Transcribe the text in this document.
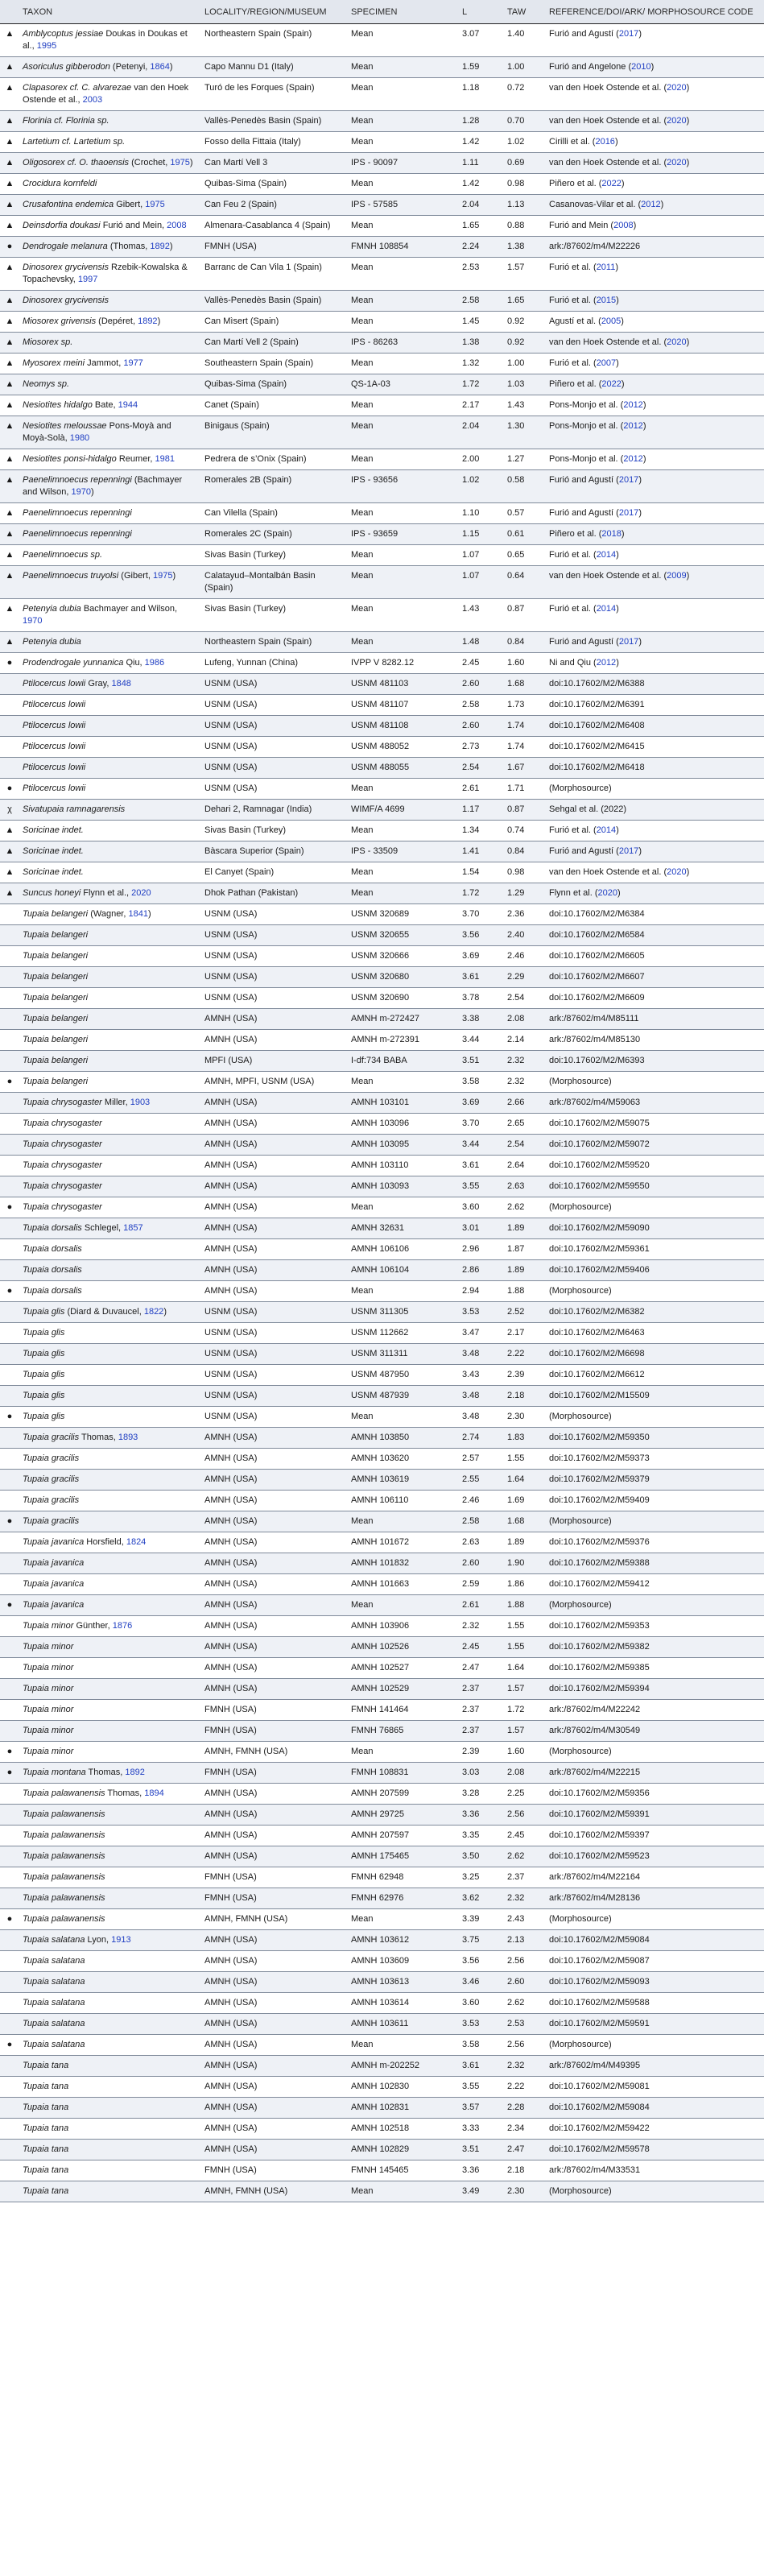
	TAXON	LOCALITY/REGION/MUSEUM	SPECIMEN	L	TAW	REFERENCE/DOI/ARK/ MORPHOSOURCE CODE
▲	Amblycoptus jessiae Doukas in Doukas et al., 1995	Northeastern Spain (Spain)	Mean	3.07	1.40	Furió and Agustí (2017)
▲	Asoriculus gibberodon (Petenyi, 1864)	Capo Mannu D1 (Italy)	Mean	1.59	1.00	Furió and Angelone (2010)
▲	Clapasorex cf. C. alvarezae van den Hoek Ostende et al., 2003	Turó de les Forques (Spain)	Mean	1.18	0.72	van den Hoek Ostende et al. (2020)
▲	Florinia cf. Florinia sp.	Vallès-Penedès Basin (Spain)	Mean	1.28	0.70	van den Hoek Ostende et al. (2020)
▲	Lartetium cf. Lartetium sp.	Fosso della Fittaia (Italy)	Mean	1.42	1.02	Cirilli et al. (2016)
▲	Oligosorex cf. O. thaoensis (Crochet, 1975)	Can Martí Vell 3	IPS - 90097	1.11	0.69	van den Hoek Ostende et al. (2020)
▲	Crocidura kornfeldi	Quibas-Sima (Spain)	Mean	1.42	0.98	Piñero et al. (2022)
▲	Crusafontina endemica Gibert, 1975	Can Feu 2 (Spain)	IPS - 57585	2.04	1.13	Casanovas-Vilar et al. (2012)
▲	Deinsdorfia doukasi Furió and Mein, 2008	Almenara-Casablanca 4 (Spain)	Mean	1.65	0.88	Furió and Mein (2008)
●	Dendrogale melanura (Thomas, 1892)	FMNH (USA)	FMNH 108854	2.24	1.38	ark:/87602/m4/M22226
▲	Dinosorex grycivensis Rzebik-Kowalska & Topachevsky, 1997	Barranc de Can Vila 1 (Spain)	Mean	2.53	1.57	Furió et al. (2011)
▲	Dinosorex grycivensis	Vallès-Penedès Basin (Spain)	Mean	2.58	1.65	Furió et al. (2015)
▲	Miosorex grivensis (Depéret, 1892)	Can Mìsert (Spain)	Mean	1.45	0.92	Agustí et al. (2005)
▲	Miosorex sp.	Can Martí Vell 2 (Spain)	IPS - 86263	1.38	0.92	van den Hoek Ostende et al. (2020)
▲	Myosorex meini Jammot, 1977	Southeastern Spain (Spain)	Mean	1.32	1.00	Furió et al. (2007)
▲	Neomys sp.	Quibas-Sima (Spain)	QS-1A-03	1.72	1.03	Piñero et al. (2022)
▲	Nesiotites hidalgo Bate, 1944	Canet (Spain)	Mean	2.17	1.43	Pons-Monjo et al. (2012)
▲	Nesiotites meloussae Pons-Moyà and Moyà-Solà, 1980	Binigaus (Spain)	Mean	2.04	1.30	Pons-Monjo et al. (2012)
▲	Nesiotites ponsi-hidalgo Reumer, 1981	Pedrera de s’Onix (Spain)	Mean	2.00	1.27	Pons-Monjo et al. (2012)
▲	Paenelimnoecus repenningi (Bachmayer and Wilson, 1970)	Romerales 2B (Spain)	IPS - 93656	1.02	0.58	Furió and Agustí (2017)
▲	Paenelimnoecus repenningi	Can Vilella (Spain)	Mean	1.10	0.57	Furió and Agustí (2017)
▲	Paenelimnoecus repenningi	Romerales 2C (Spain)	IPS - 93659	1.15	0.61	Piñero et al. (2018)
▲	Paenelimnoecus sp.	Sivas Basin (Turkey)	Mean	1.07	0.65	Furió et al. (2014)
▲	Paenelimnoecus truyolsi (Gibert, 1975)	Calatayud–Montalbán Basin (Spain)	Mean	1.07	0.64	van den Hoek Ostende et al. (2009)
▲	Petenyia dubia Bachmayer and Wilson, 1970	Sivas Basin (Turkey)	Mean	1.43	0.87	Furió et al. (2014)
▲	Petenyia dubia	Northeastern Spain (Spain)	Mean	1.48	0.84	Furió and Agustí (2017)
●	Prodendrogale yunnanica Qiu, 1986	Lufeng, Yunnan (China)	IVPP V 8282.12	2.45	1.60	Ni and Qiu (2012)
	Ptilocercus lowii Gray, 1848	USNM (USA)	USNM 481103	2.60	1.68	doi:10.17602/M2/M6388
	Ptilocercus lowii	USNM (USA)	USNM 481107	2.58	1.73	doi:10.17602/M2/M6391
	Ptilocercus lowii	USNM (USA)	USNM 481108	2.60	1.74	doi:10.17602/M2/M6408
	Ptilocercus lowii	USNM (USA)	USNM 488052	2.73	1.74	doi:10.17602/M2/M6415
	Ptilocercus lowii	USNM (USA)	USNM 488055	2.54	1.67	doi:10.17602/M2/M6418
●	Ptilocercus lowii	USNM (USA)	Mean	2.61	1.71	(Morphosource)
χ	Sivatupaia ramnagarensis	Dehari 2, Ramnagar (India)	WIMF/A 4699	1.17	0.87	Sehgal et al. (2022)
▲	Soricinae indet.	Sivas Basin (Turkey)	Mean	1.34	0.74	Furió et al. (2014)
▲	Soricinae indet.	Bàscara Superior (Spain)	IPS - 33509	1.41	0.84	Furió and Agustí (2017)
▲	Soricinae indet.	El Canyet (Spain)	Mean	1.54	0.98	van den Hoek Ostende et al. (2020)
▲	Suncus honeyi Flynn et al., 2020	Dhok Pathan (Pakistan)	Mean	1.72	1.29	Flynn et al. (2020)
	Tupaia belangeri (Wagner, 1841)	USNM (USA)	USNM 320689	3.70	2.36	doi:10.17602/M2/M6384
	Tupaia belangeri	USNM (USA)	USNM 320655	3.56	2.40	doi:10.17602/M2/M6584
	Tupaia belangeri	USNM (USA)	USNM 320666	3.69	2.46	doi:10.17602/M2/M6605
	Tupaia belangeri	USNM (USA)	USNM 320680	3.61	2.29	doi:10.17602/M2/M6607
	Tupaia belangeri	USNM (USA)	USNM 320690	3.78	2.54	doi:10.17602/M2/M6609
	Tupaia belangeri	AMNH (USA)	AMNH m-272427	3.38	2.08	ark:/87602/m4/M85111
	Tupaia belangeri	AMNH (USA)	AMNH m-272391	3.44	2.14	ark:/87602/m4/M85130
	Tupaia belangeri	MPFI (USA)	I-df:734 BABA	3.51	2.32	doi:10.17602/M2/M6393
●	Tupaia belangeri	AMNH, MPFI, USNM (USA)	Mean	3.58	2.32	(Morphosource)
	Tupaia chrysogaster Miller, 1903	AMNH (USA)	AMNH 103101	3.69	2.66	ark:/87602/m4/M59063
	Tupaia chrysogaster	AMNH (USA)	AMNH 103096	3.70	2.65	doi:10.17602/M2/M59075
	Tupaia chrysogaster	AMNH (USA)	AMNH 103095	3.44	2.54	doi:10.17602/M2/M59072
	Tupaia chrysogaster	AMNH (USA)	AMNH 103110	3.61	2.64	doi:10.17602/M2/M59520
	Tupaia chrysogaster	AMNH (USA)	AMNH 103093	3.55	2.63	doi:10.17602/M2/M59550
●	Tupaia chrysogaster	AMNH (USA)	Mean	3.60	2.62	(Morphosource)
	Tupaia dorsalis Schlegel, 1857	AMNH (USA)	AMNH 32631	3.01	1.89	doi:10.17602/M2/M59090
	Tupaia dorsalis	AMNH (USA)	AMNH 106106	2.96	1.87	doi:10.17602/M2/M59361
	Tupaia dorsalis	AMNH (USA)	AMNH 106104	2.86	1.89	doi:10.17602/M2/M59406
●	Tupaia dorsalis	AMNH (USA)	Mean	2.94	1.88	(Morphosource)
	Tupaia glis (Diard & Duvaucel, 1822)	USNM (USA)	USNM 311305	3.53	2.52	doi:10.17602/M2/M6382
	Tupaia glis	USNM (USA)	USNM 112662	3.47	2.17	doi:10.17602/M2/M6463
	Tupaia glis	USNM (USA)	USNM 311311	3.48	2.22	doi:10.17602/M2/M6698
	Tupaia glis	USNM (USA)	USNM 487950	3.43	2.39	doi:10.17602/M2/M6612
	Tupaia glis	USNM (USA)	USNM 487939	3.48	2.18	doi:10.17602/M2/M15509
●	Tupaia glis	USNM (USA)	Mean	3.48	2.30	(Morphosource)
	Tupaia gracilis Thomas, 1893	AMNH (USA)	AMNH 103850	2.74	1.83	doi:10.17602/M2/M59350
	Tupaia gracilis	AMNH (USA)	AMNH 103620	2.57	1.55	doi:10.17602/M2/M59373
	Tupaia gracilis	AMNH (USA)	AMNH 103619	2.55	1.64	doi:10.17602/M2/M59379
	Tupaia gracilis	AMNH (USA)	AMNH 106110	2.46	1.69	doi:10.17602/M2/M59409
●	Tupaia gracilis	AMNH (USA)	Mean	2.58	1.68	(Morphosource)
	Tupaia javanica Horsfield, 1824	AMNH (USA)	AMNH 101672	2.63	1.89	doi:10.17602/M2/M59376
	Tupaia javanica	AMNH (USA)	AMNH 101832	2.60	1.90	doi:10.17602/M2/M59388
	Tupaia javanica	AMNH (USA)	AMNH 101663	2.59	1.86	doi:10.17602/M2/M59412
●	Tupaia javanica	AMNH (USA)	Mean	2.61	1.88	(Morphosource)
	Tupaia minor Günther, 1876	AMNH (USA)	AMNH 103906	2.32	1.55	doi:10.17602/M2/M59353
	Tupaia minor	AMNH (USA)	AMNH 102526	2.45	1.55	doi:10.17602/M2/M59382
	Tupaia minor	AMNH (USA)	AMNH 102527	2.47	1.64	doi:10.17602/M2/M59385
	Tupaia minor	AMNH (USA)	AMNH 102529	2.37	1.57	doi:10.17602/M2/M59394
	Tupaia minor	FMNH (USA)	FMNH 141464	2.37	1.72	ark:/87602/m4/M22242
	Tupaia minor	FMNH (USA)	FMNH 76865	2.37	1.57	ark:/87602/m4/M30549
●	Tupaia minor	AMNH, FMNH (USA)	Mean	2.39	1.60	(Morphosource)
●	Tupaia montana Thomas, 1892	FMNH (USA)	FMNH 108831	3.03	2.08	ark:/87602/m4/M22215
	Tupaia palawanensis Thomas, 1894	AMNH (USA)	AMNH 207599	3.28	2.25	doi:10.17602/M2/M59356
	Tupaia palawanensis	AMNH (USA)	AMNH 29725	3.36	2.56	doi:10.17602/M2/M59391
	Tupaia palawanensis	AMNH (USA)	AMNH 207597	3.35	2.45	doi:10.17602/M2/M59397
	Tupaia palawanensis	AMNH (USA)	AMNH 175465	3.50	2.62	doi:10.17602/M2/M59523
	Tupaia palawanensis	FMNH (USA)	FMNH 62948	3.25	2.37	ark:/87602/m4/M22164
	Tupaia palawanensis	FMNH (USA)	FMNH 62976	3.62	2.32	ark:/87602/m4/M28136
●	Tupaia palawanensis	AMNH, FMNH (USA)	Mean	3.39	2.43	(Morphosource)
	Tupaia salatana Lyon, 1913	AMNH (USA)	AMNH 103612	3.75	2.13	doi:10.17602/M2/M59084
	Tupaia salatana	AMNH (USA)	AMNH 103609	3.56	2.56	doi:10.17602/M2/M59087
	Tupaia salatana	AMNH (USA)	AMNH 103613	3.46	2.60	doi:10.17602/M2/M59093
	Tupaia salatana	AMNH (USA)	AMNH 103614	3.60	2.62	doi:10.17602/M2/M59588
	Tupaia salatana	AMNH (USA)	AMNH 103611	3.53	2.53	doi:10.17602/M2/M59591
●	Tupaia salatana	AMNH (USA)	Mean	3.58	2.56	(Morphosource)
	Tupaia tana	AMNH (USA)	AMNH m-202252	3.61	2.32	ark:/87602/m4/M49395
	Tupaia tana	AMNH (USA)	AMNH 102830	3.55	2.22	doi:10.17602/M2/M59081
	Tupaia tana	AMNH (USA)	AMNH 102831	3.57	2.28	doi:10.17602/M2/M59084
	Tupaia tana	AMNH (USA)	AMNH 102518	3.33	2.34	doi:10.17602/M2/M59422
	Tupaia tana	AMNH (USA)	AMNH 102829	3.51	2.47	doi:10.17602/M2/M59578
	Tupaia tana	FMNH (USA)	FMNH 145465	3.36	2.18	ark:/87602/m4/M33531
	Tupaia tana	AMNH, FMNH (USA)	Mean	3.49	2.30	(Morphosource)
